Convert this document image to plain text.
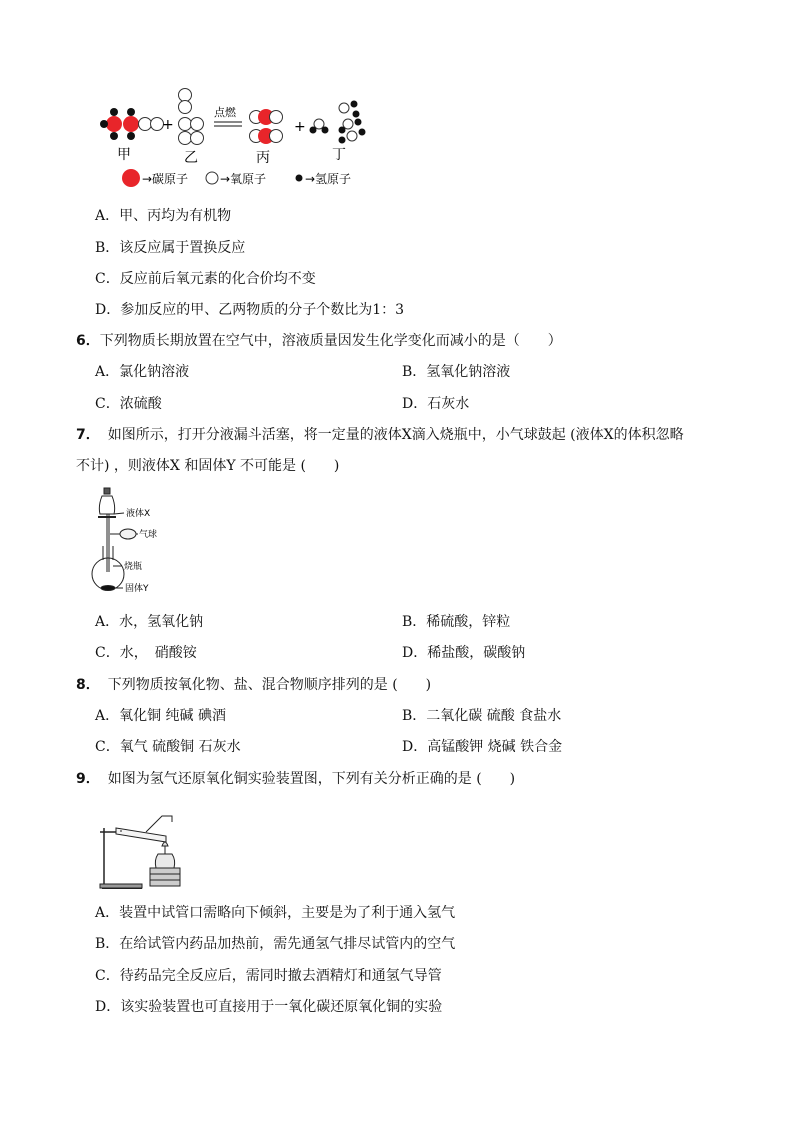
+
点燃
+
甲	乙	丙	丁
→碳原子	→氧原子	→氢原子
A．甲、丙均为有机物
B．该反应属于置换反应
C．反应前后氧元素的化合价均不变
D．参加反应的甲、乙两物质的分子个数比为1：3
6．下列物质长期放置在空气中，溶液质量因发生化学变化而减小的是（　　）
A．氯化钠溶液	B．氢氧化钠溶液
C．浓硫酸	D．石灰水
7． 如图所示，打开分液漏斗活塞，将一定量的液体X滴入烧瓶中，小气球鼓起 (液体X的体积忽略
不计) ，则液体X 和固体Y 不可能是 (　　)
液体X
气球
烧瓶
固体Y
A．水，氢氧化钠	B．稀硫酸，锌粒
C．水，　硝酸铵	D．稀盐酸，碳酸钠
8． 下列物质按氧化物、盐、混合物顺序排列的是 (　　)
A．氧化铜 纯碱 碘酒	B．二氧化碳 硫酸 食盐水
C．氧气 硫酸铜 石灰水	D．高锰酸钾 烧碱 铁合金
9． 如图为氢气还原氧化铜实验装置图，下列有关分析正确的是 (　　)
A．装置中试管口需略向下倾斜，主要是为了利于通入氢气
B．在给试管内药品加热前，需先通氢气排尽试管内的空气
C．待药品完全反应后，需同时撤去酒精灯和通氢气导管
D．该实验装置也可直接用于一氧化碳还原氧化铜的实验
